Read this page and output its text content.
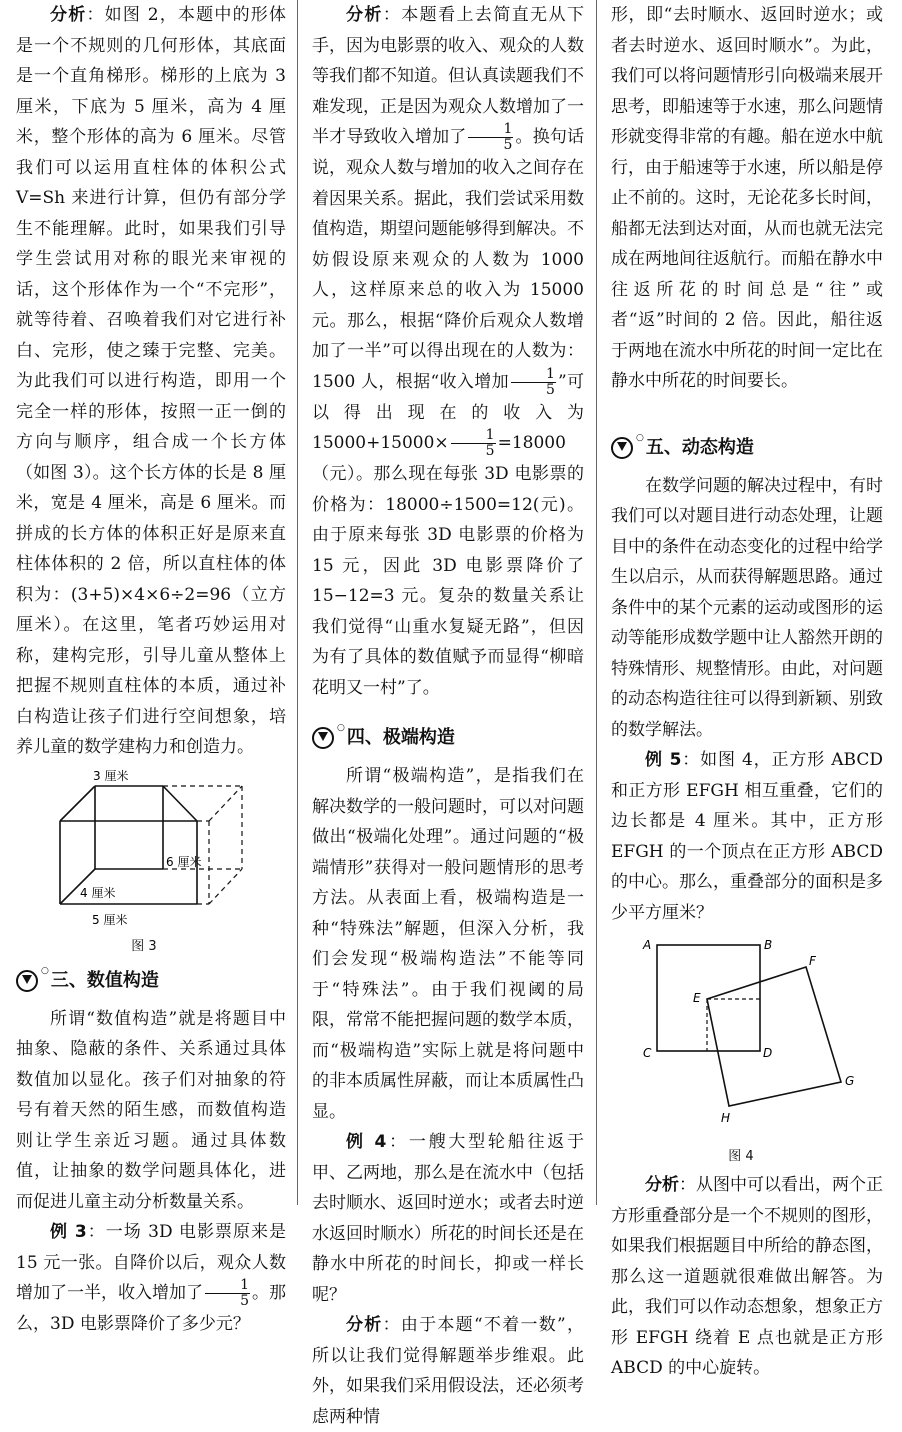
分析：如图 2，本题中的形体是一个不规则的几何形体，其底面是一个直角梯形。梯形的上底为 3 厘米，下底为 5 厘米，高为 4 厘米，整个形体的高为 6 厘米。尽管我们可以运用直柱体的体积公式 V=Sh 来进行计算，但仍有部分学生不能理解。此时，如果我们引导学生尝试用对称的眼光来审视的话，这个形体作为一个“不完形”，就等待着、召唤着我们对它进行补白、完形，使之臻于完整、完美。为此我们可以进行构造，即用一个完全一样的形体，按照一正一倒的方向与顺序，组合成一个长方体（如图 3）。这个长方体的长是 8 厘米，宽是 4 厘米，高是 6 厘米。而拼成的长方体的体积正好是原来直柱体体积的 2 倍，所以直柱体的体积为：(3+5)×4×6÷2=96（立方厘米）。在这里，笔者巧妙运用对称，建构完形，引导儿童从整体上把握不规则直柱体的本质，通过补白构造让孩子们进行空间想象，培养儿童的数学建构力和创造力。

3 厘米
6 厘米
4 厘米
5 厘米
图 3
○ 三、数值构造

所谓“数值构造”就是将题目中抽象、隐蔽的条件、关系通过具体数值加以显化。孩子们对抽象的符号有着天然的陌生感，而数值构造则让学生亲近习题。通过具体数值，让抽象的数学问题具体化，进而促进儿童主动分析数量关系。

例 3：一场 3D 电影票原来是 15 元一张。自降价以后，观众人数增加了一半，收入增加了 $\frac{1}{5}$ 。那么，3D 电影票降价了多少元？

分析：本题看上去简直无从下手，因为电影票的收入、观众的人数等我们都不知道。但认真读题我们不难发现，正是因为观众人数增加了一半才导致收入增加了 $\frac{1}{5}$ 。换句话说，观众人数与增加的收入之间存在着因果关系。据此，我们尝试采用数值构造，期望问题能够得到解决。不妨假设原来观众的人数为 1000 人，这样原来总的收入为 15000 元。那么，根据“降价后观众人数增加了一半”可以得出现在的人数为：1500 人，根据“收入增加 $\frac{1}{5}$ ”可以得出现在的收入为 $15000+15000\times \frac{1}{5} =18000$（元）。那么现在每张 3D 电影票的价格为：18000÷1500=12(元)。由于原来每张 3D 电影票的价格为 15 元，因此 3D 电影票降价了 15−12=3 元。复杂的数量关系让我们觉得“山重水复疑无路”，但因为有了具体的数值赋予而显得“柳暗花明又一村”了。

○ 四、极端构造

所谓“极端构造”，是指我们在解决数学的一般问题时，可以对问题做出“极端化处理”。通过问题的“极端情形”获得对一般问题情形的思考方法。从表面上看，极端构造是一种“特殊法”解题，但深入分析，我们会发现“极端构造法”不能等同于“特殊法”。由于我们视阈的局限，常常不能把握问题的数学本质，而“极端构造”实际上就是将问题中的非本质属性屏蔽，而让本质属性凸显。

例 4：一艘大型轮船往返于甲、乙两地，那么是在流水中（包括去时顺水、返回时逆水；或者去时逆水返回时顺水）所花的时间长还是在静水中所花的时间长，抑或一样长呢？

分析：由于本题“不着一数”，所以让我们觉得解题举步维艰。此外，如果我们采用假设法，还必须考虑两种情

形，即“去时顺水、返回时逆水；或者去时逆水、返回时顺水”。为此，我们可以将问题情形引向极端来展开思考，即船速等于水速，那么问题情形就变得非常的有趣。船在逆水中航行，由于船速等于水速，所以船是停止不前的。这时，无论花多长时间，船都无法到达对面，从而也就无法完成在两地间往返航行。而船在静水中往返所花的时间总是“往”或者“返”时间的 2 倍。因此，船往返于两地在流水中所花的时间一定比在静水中所花的时间要长。

○ 五、动态构造

在数学问题的解决过程中，有时我们可以对题目进行动态处理，让题目中的条件在动态变化的过程中给学生以启示，从而获得解题思路。通过条件中的某个元素的运动或图形的运动等能形成数学题中让人豁然开朗的特殊情形、规整情形。由此，对问题的动态构造往往可以得到新颖、别致的数学解法。

例 5：如图 4，正方形 ABCD 和正方形 EFGH 相互重叠，它们的边长都是 4 厘米。其中，正方形 EFGH 的一个顶点在正方形 ABCD 的中心。那么，重叠部分的面积是多少平方厘米？

A	B
C	D
E
F
G
H
图 4

分析：从图中可以看出，两个正方形重叠部分是一个不规则的图形，如果我们根据题目中所给的静态图，那么这一道题就很难做出解答。为此，我们可以作动态想象，想象正方形 EFGH 绕着 E 点也就是正方形 ABCD 的中心旋转。
